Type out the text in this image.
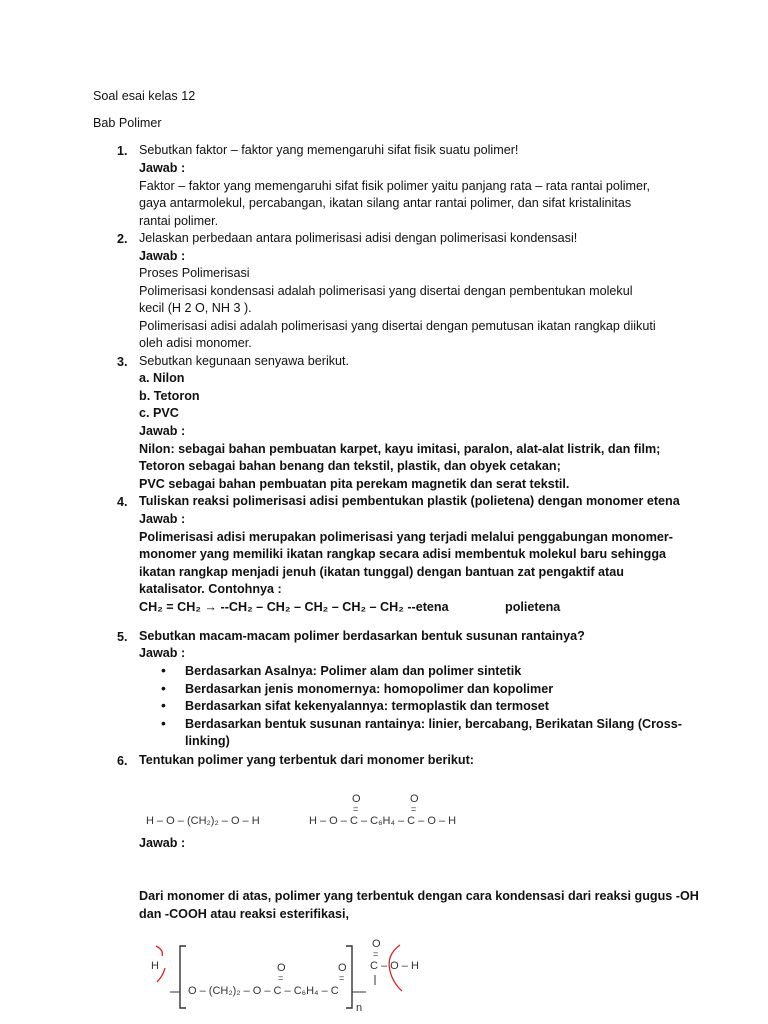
Soal esai kelas 12
Bab Polimer
1. Sebutkan faktor – faktor yang memengaruhi sifat fisik suatu polimer!
Jawab :
Faktor – faktor yang memengaruhi sifat fisik polimer yaitu panjang rata – rata rantai polimer,
gaya antarmolekul, percabangan, ikatan silang antar rantai polimer, dan sifat kristalinitas
rantai polimer.
2. Jelaskan perbedaan antara polimerisasi adisi dengan polimerisasi kondensasi!
Jawab :
Proses Polimerisasi
Polimerisasi kondensasi adalah polimerisasi yang disertai dengan pembentukan molekul
kecil (H 2 O, NH 3 ).
Polimerisasi adisi adalah polimerisasi yang disertai dengan pemutusan ikatan rangkap diikuti
oleh adisi monomer.
3. Sebutkan kegunaan senyawa berikut.
a. Nilon
b. Tetoron
c. PVC
Jawab :
Nilon: sebagai bahan pembuatan karpet, kayu imitasi, paralon, alat-alat listrik, dan film;
Tetoron sebagai bahan benang dan tekstil, plastik, dan obyek cetakan;
PVC sebagai bahan pembuatan pita perekam magnetik dan serat tekstil.
4. Tuliskan reaksi polimerisasi adisi pembentukan plastik (polietena) dengan monomer etena
Jawab :
Polimerisasi adisi merupakan polimerisasi yang terjadi melalui penggabungan monomer-
monomer yang memiliki ikatan rangkap secara adisi membentuk molekul baru sehingga
ikatan rangkap menjadi jenuh (ikatan tunggal) dengan bantuan zat pengaktif atau
katalisator. Contohnya :
CH₂ = CH₂ → --CH₂ – CH₂ – CH₂ – CH₂ – CH₂ --etena	polietena
5. Sebutkan macam-macam polimer berdasarkan bentuk susunan rantainya?
Jawab :
• Berdasarkan Asalnya: Polimer alam dan polimer sintetik
• Berdasarkan jenis monomernya: homopolimer dan kopolimer
• Berdasarkan sifat kekenyalannya: termoplastik dan termoset
• Berdasarkan bentuk susunan rantainya: linier, bercabang, Berikatan Silang (Cross-
linking)
6. Tentukan polimer yang terbentuk dari monomer berikut:
H – O – (CH₂)₂ – O – H	H – O – C – C₆H₄ – C – O – H
O
=
O
=
Jawab :
Dari monomer di atas, polimer yang terbentuk dengan cara kondensasi dari reaksi gugus -OH
dan -COOH atau reaksi esterifikasi,
H
O – (CH₂)₂ – O – C – C₆H₄ – C
O
=
O
=
n
O
=
C – O – H
